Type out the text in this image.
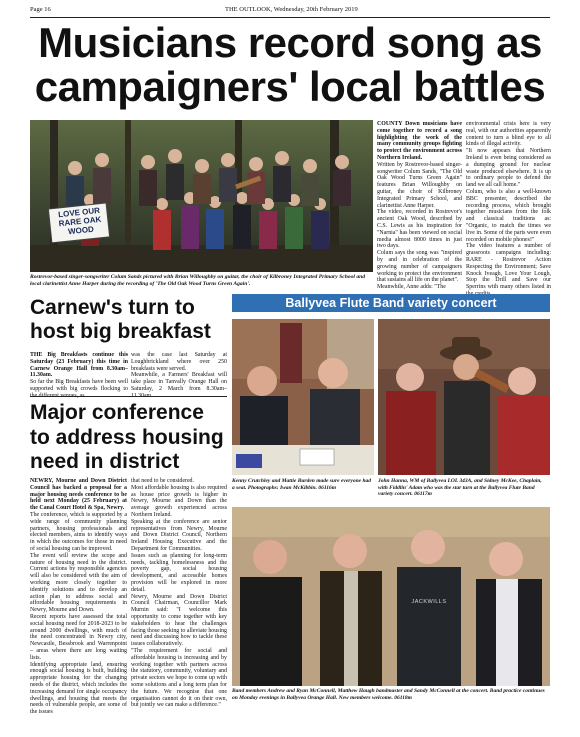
Page 16	THE OUTLOOK, Wednesday, 20th February 2019
Musicians record song as campaigners' local battles
LOVE OUR RARE OAK WOOD
Rostrevor-based singer-songwriter Colum Sands pictured with Brian Willoughby on guitar, the choir of Kilbroney Integrated Primary School and local clarinettist Anne Harper during the recording of 'The Old Oak Wood Turns Green Again'.

COUNTY Down musicians have come together to record a song highlighting the work of the many community groups fighting to protect the environment across Northern Ireland.

Written by Rostrevor-based singer-songwriter Colum Sands, "The Old Oak Wood Turns Green Again" features Brian Willoughby on guitar, the choir of Kilbroney Integrated Primary School, and clarinettist Anne Harper.

The video, recorded in Rostrevor's ancient Oak Wood, described by C.S. Lewis as his inspiration for "Narnia" has been viewed on social media almost 8000 times in just two days.

Colum says the song was "inspired by and in celebration of the growing number of campaigners working to protect the environment that sustains all life on the planet".

Meanwhile, Anne adds: "The

environmental crisis here is very real, with our authorities apparently content to turn a blind eye to all kinds of illegal activity.

"It now appears that Northern Ireland is even being considered as a dumping ground for nuclear waste produced elsewhere. It is up to ordinary people to defend the land we all call home."

Colum, who is also a well-known BBC presenter, described the recording process, which brought together musicians from the folk and classical traditions as: "Organic, to match the times we live in. Some of the parts were even recorded on mobile phones!"

The video features a number of grassroots campaigns including: RARE - Rostrevor Action Respecting the Environment; Save Knock Iveagh, Love Your Lough, Stop the Drill and Save our Sperrins with many others listed in

Carnew's turn to host big breakfast

THE Big Breakfasts continue this Saturday (23 February) this time in Carnew Orange Hall from 8.30am–11.30am.

So far the Big Breakfasts have been well supported with big crowds flocking to

was the case last Saturday at Loughbrickland where over 250 breakfasts were served.

Meanwhile, a Farmers' Breakfast will take place in Tanvally Orange Hall on Saturday, 2 March from 8.30am–

Major conference to address housing need in district

NEWRY, Mourne and Down District Council has backed a proposal for a major housing needs conference to be held next Monday (25 February) at the Canal Court Hotel & Spa, Newry.

The conference, which is supported by a wide range of community planning partners, housing professionals and elected members, aims to identify ways in which the outcomes for those in need of social housing can be improved.

The event will review the scope and nature of housing need in the district. Current actions by responsible agencies will also be considered with the aim of working more closely together to identify solutions and to develop an action plan to address social and affordable housing requirements in Newry, Mourne and Down.

Recent reports have assessed the total social housing need for 2018-2023 to be around 2000 dwellings, with much of the need concentrated in Newry city, Newcastle, Bessbrook and Warrenpoint – areas where there are long waiting lists.

Identifying appropriate land, ensuring enough social housing is built, building appropriate housing for the changing needs of the district, which includes the increasing demand for single occupancy dwellings, and housing that meets the needs of vulnerable people, are some of the issues

that need to be considered.

Most affordable housing is also required as house price growth is higher in Newry, Mourne and Down than the average growth experienced across Northern Ireland.

Speaking at the conference are senior representatives from Newry, Mourne and Down District Council, Northern Ireland Housing Executive and the Department for Communities.

Issues such as planning for long-term needs, tackling homelessness and the poverty gap, social housing development, and accessible homes provision will be explored in more detail.

Newry, Mourne and Down District Council Chairman, Councillor Mark Murnin said: "I welcome this opportunity to come together with key stakeholders to hear the challenges facing those seeking to alleviate housing need and discussing how to tackle these issues collaboratively.

"The requirement for social and affordable housing is increasing and by working together with partners across the statutory, community, voluntary and private sectors we hope to come up with some solutions and a long term plan for the future. We recognise that one organisation cannot do it on their own, but jointly we can make a difference."

Ballyvea Flute Band variety concert
Kenny Crutchley and Mattie Burden made sure everyone had a seat. Photographs: Iwan McKibbin. 06116m
John Hanna, WM of Ballyvea LOL 343A, and Sidney McKee, Chaplain, with Fiddlin' Adam who was the star turn at the Ballyvea Flute Band variety concert. 06117m
JACKWILLS
Band members Andrew and Ryan McConnell, Matthew Haugh bandmaster and Sandy McConnell at the concert. Band practice continues on Monday evenings in Ballyvea Orange Hall. New members welcome. 06118m
